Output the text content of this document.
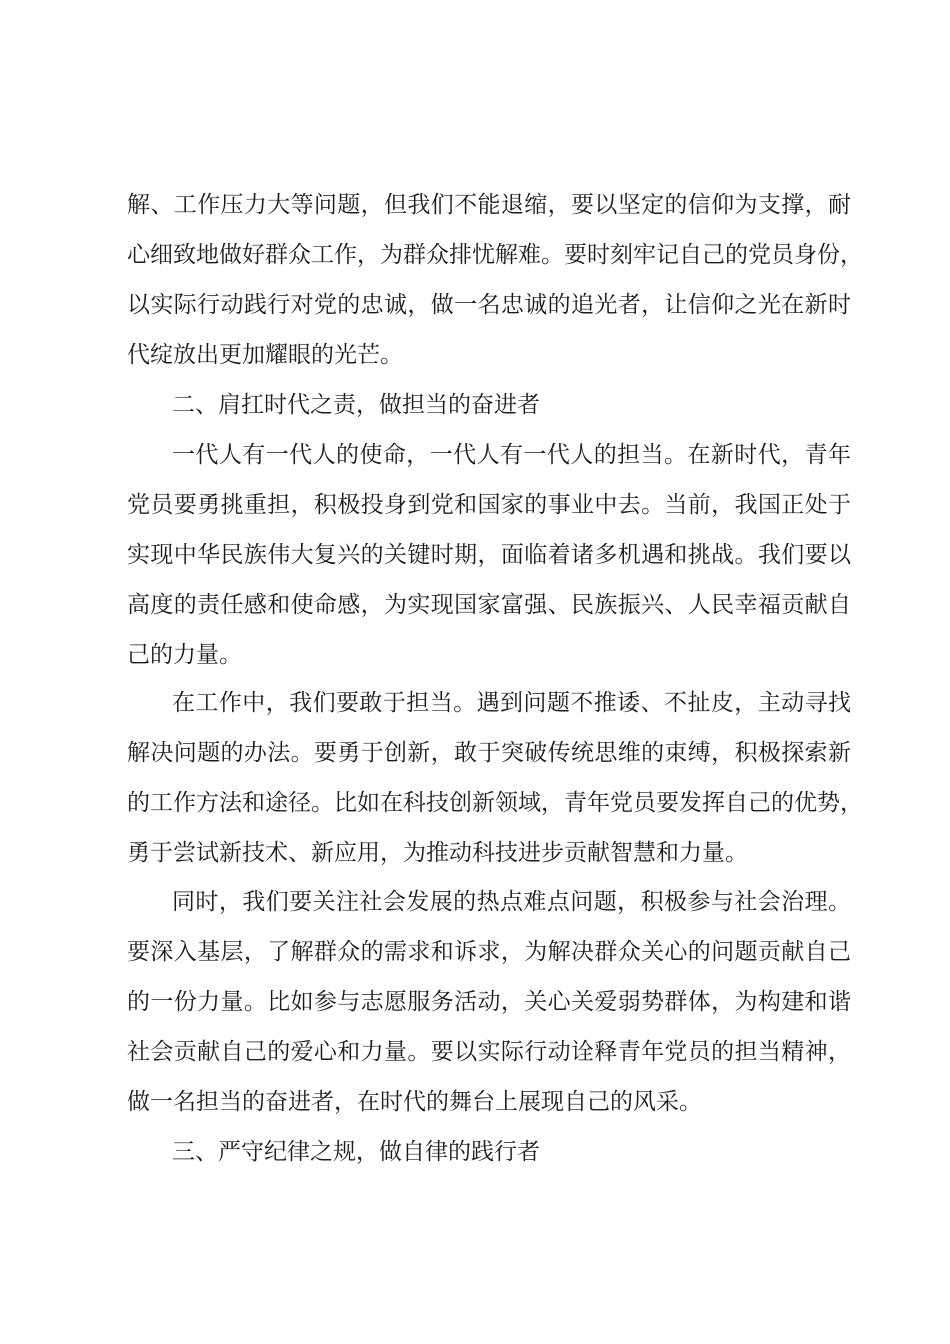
解、工作压力大等问题，但我们不能退缩，要以坚定的信仰为支撑，耐
心细致地做好群众工作，为群众排忧解难。要时刻牢记自己的党员身份，
以实际行动践行对党的忠诚，做一名忠诚的追光者，让信仰之光在新时
代绽放出更加耀眼的光芒。
二、肩扛时代之责，做担当的奋进者
一代人有一代人的使命，一代人有一代人的担当。在新时代，青年
党员要勇挑重担，积极投身到党和国家的事业中去。当前，我国正处于
实现中华民族伟大复兴的关键时期，面临着诸多机遇和挑战。我们要以
高度的责任感和使命感，为实现国家富强、民族振兴、人民幸福贡献自
己的力量。
在工作中，我们要敢于担当。遇到问题不推诿、不扯皮，主动寻找
解决问题的办法。要勇于创新，敢于突破传统思维的束缚，积极探索新
的工作方法和途径。比如在科技创新领域，青年党员要发挥自己的优势，
勇于尝试新技术、新应用，为推动科技进步贡献智慧和力量。
同时，我们要关注社会发展的热点难点问题，积极参与社会治理。
要深入基层，了解群众的需求和诉求，为解决群众关心的问题贡献自己
的一份力量。比如参与志愿服务活动，关心关爱弱势群体，为构建和谐
社会贡献自己的爱心和力量。要以实际行动诠释青年党员的担当精神，
做一名担当的奋进者，在时代的舞台上展现自己的风采。
三、严守纪律之规，做自律的践行者
